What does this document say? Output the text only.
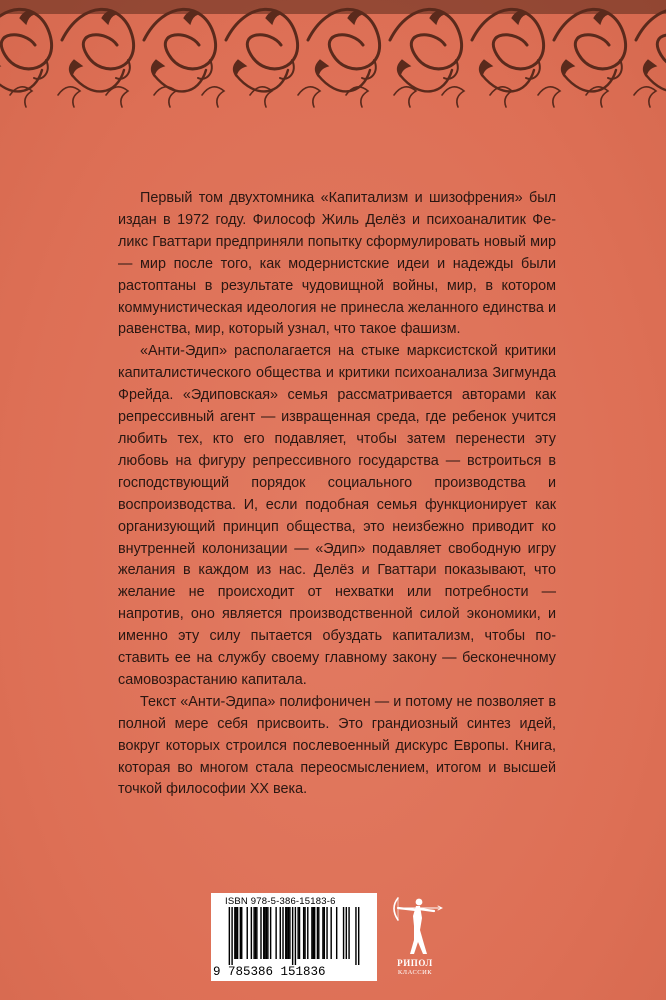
Первый том двухтомника «Капитализм и шизофрения» был издан в 1972 году. Философ Жиль Делёз и психоаналитик Феликс Гваттари предприняли попытку сформулировать новый мир — мир после того, как модернистские идеи и надежды были растоптаны в результате чудовищной войны, мир, в котором коммунистическая идеология не принесла желанного единства и равенства, мир, который узнал, что такое фашизм.

«Анти-Эдип» располагается на стыке марксистской критики капиталистического общества и критики психоанализа Зигмунда Фрейда. «Эдиповская» семья рассматривается авторами как репрессивный агент — извращенная среда, где ребенок учится любить тех, кто его подавляет, чтобы затем перенести эту любовь на фигуру репрессивного государства — встроиться в господствующий порядок социального производства и воспроизводства. И, если подобная семья функционирует как организующий принцип общества, это неизбежно приводит ко внутренней колонизации — «Эдип» подавляет свободную игру желания в каждом из нас. Делёз и Гваттари показывают, что желание не происходит от нехватки или потребности — напротив, оно является производственной силой экономики, и именно эту силу пытается обуздать капитализм, чтобы поставить ее на службу своему главному закону — бесконечному самовозрастанию капитала.

Текст «Анти-Эдипа» полифоничен — и потому не позволяет в полной мере себя присвоить. Это грандиозный синтез идей, вокруг которых строился послевоенный дискурс Европы. Книга, которая во многом стала переосмыслением, итогом и высшей точкой философии XX века.

ISBN 978-5-386-15183-6
9 785386 151836
РИПОЛ
КЛАССИК
